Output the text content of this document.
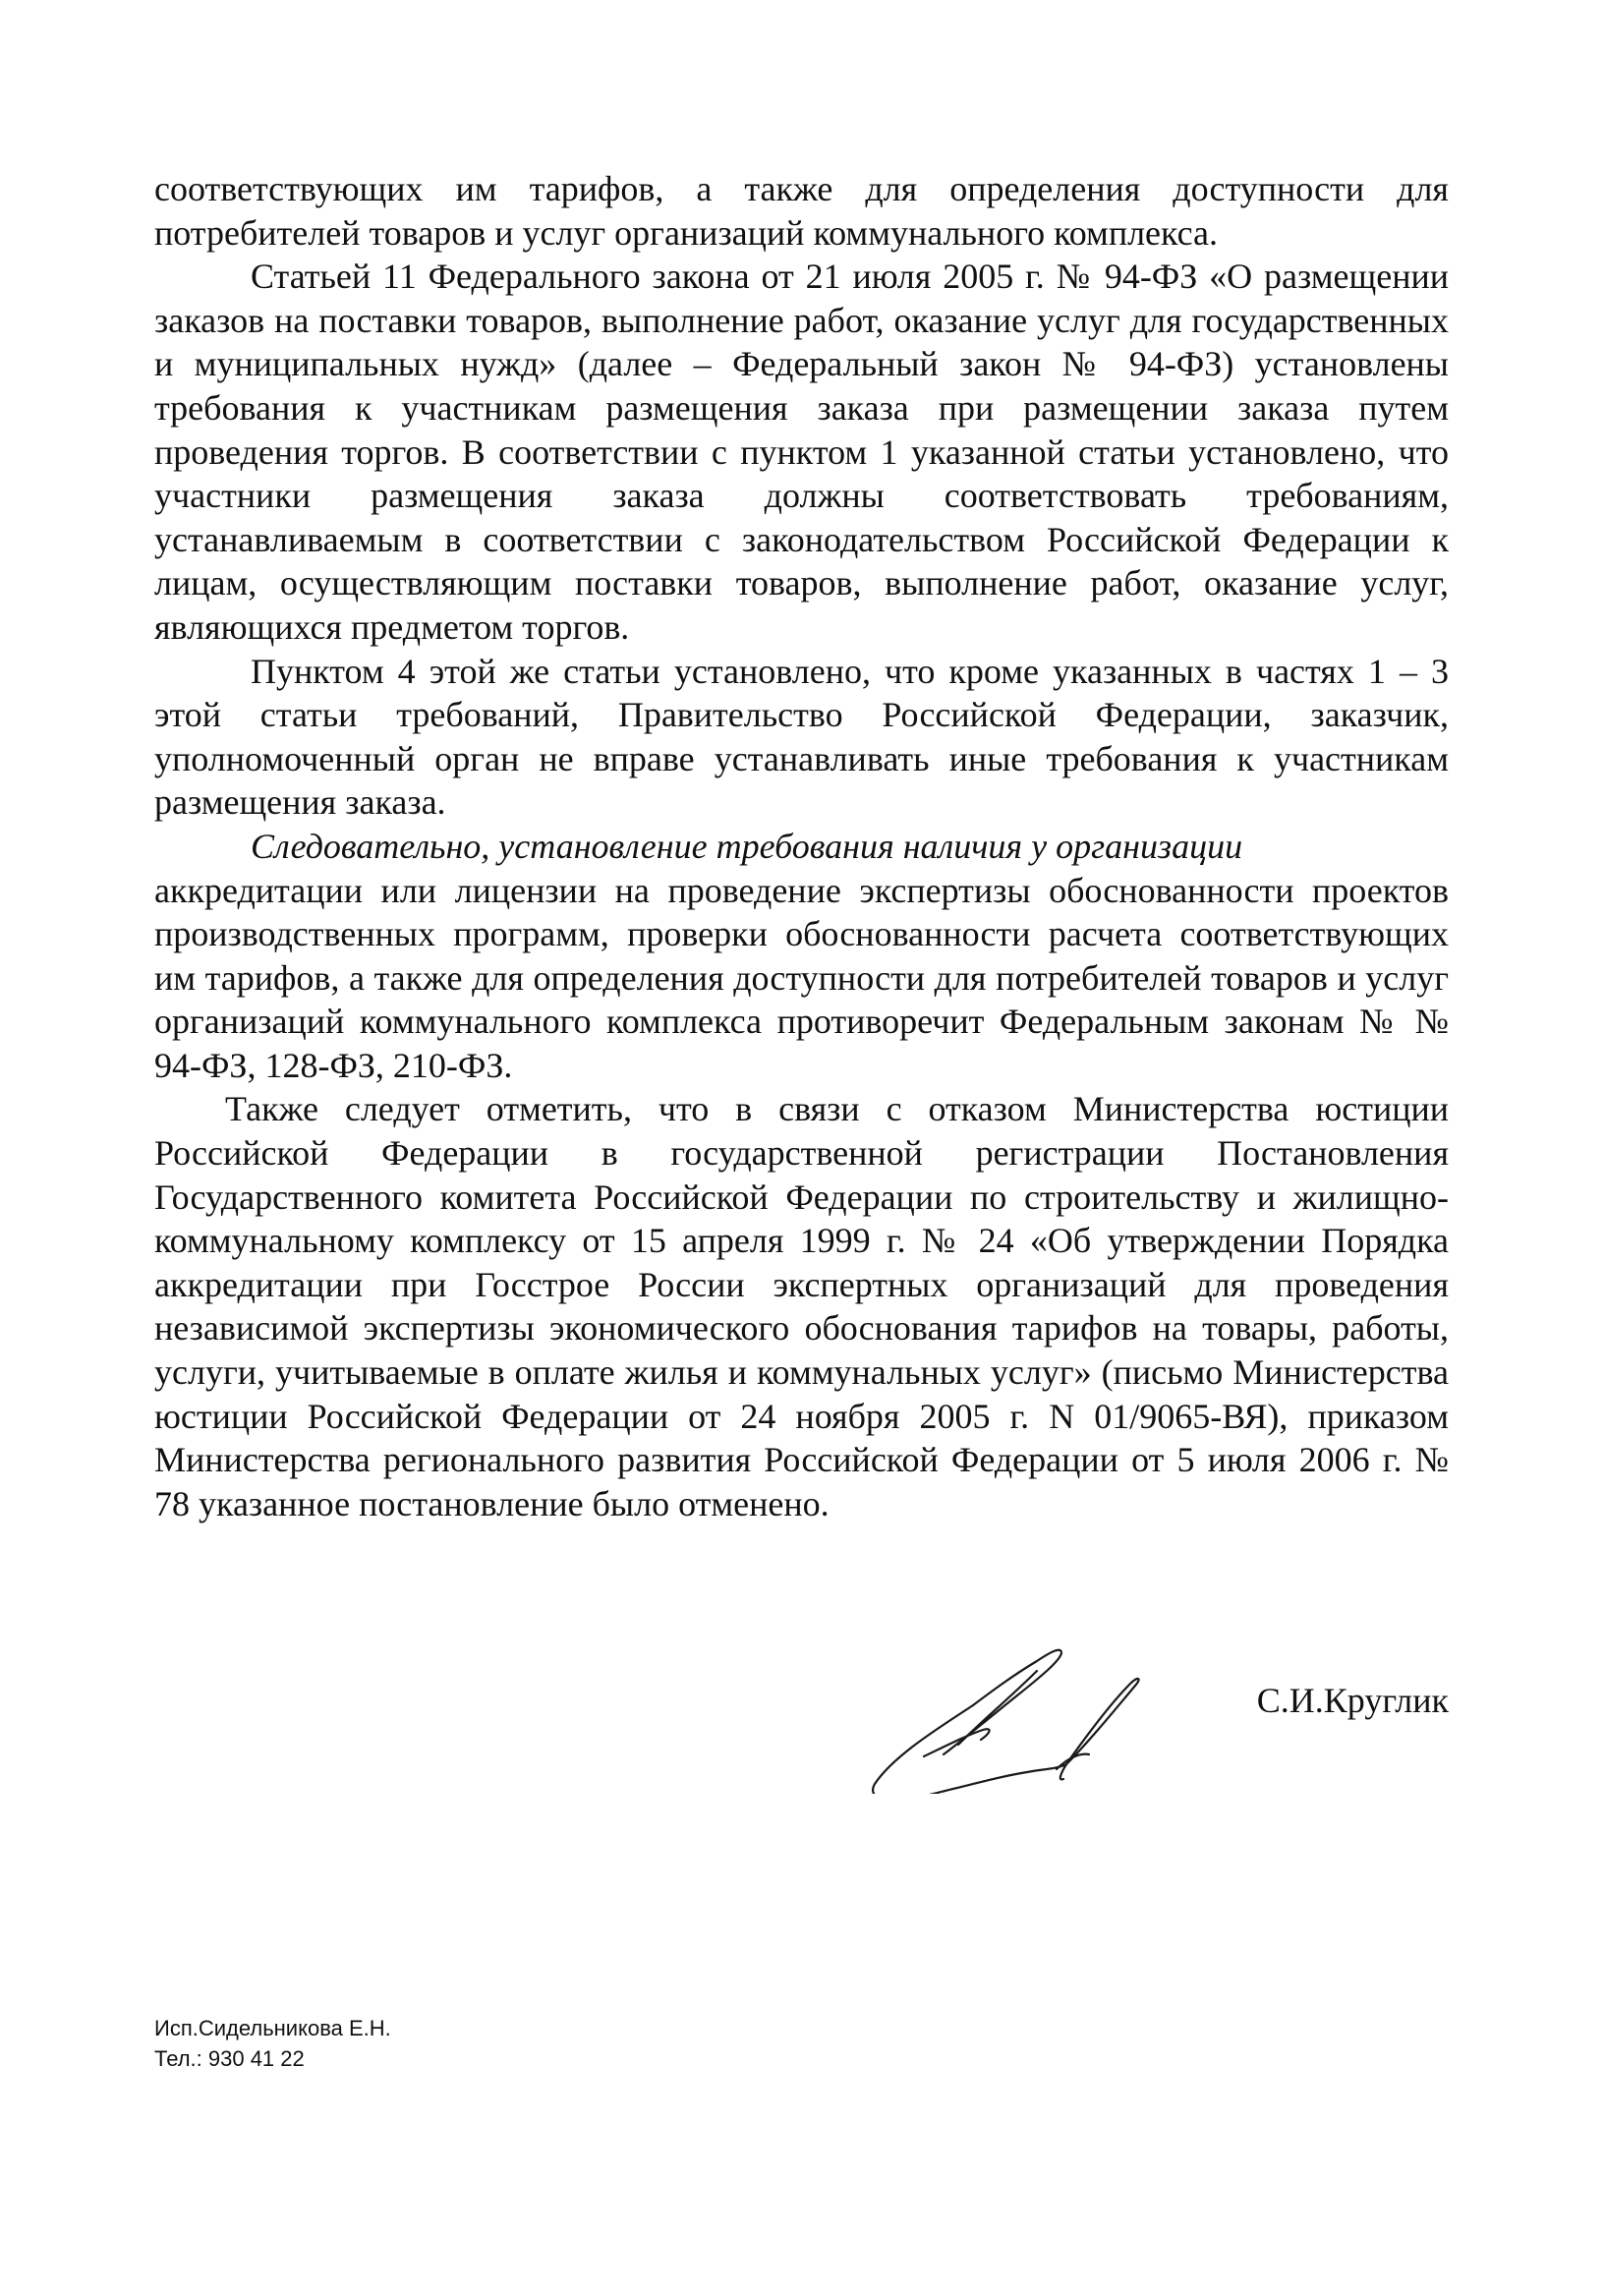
соответствующих им тарифов, а также для определения доступности для потребителей товаров и услуг организаций коммунального комплекса.

Статьей 11 Федерального закона от 21 июля 2005 г. № 94-ФЗ «О размещении заказов на поставки товаров, выполнение работ, оказание услуг для государственных и муниципальных нужд» (далее – Федеральный закон № 94-ФЗ) установлены требования к участникам размещения заказа при размещении заказа путем проведения торгов. В соответствии с пунктом 1 указанной статьи установлено, что участники размещения заказа должны соответствовать требованиям, устанавливаемым в соответствии с законодательством Российской Федерации к лицам, осуществляющим поставки товаров, выполнение работ, оказание услуг, являющихся предметом торгов.

Пунктом 4 этой же статьи установлено, что кроме указанных в частях 1 – 3 этой статьи требований, Правительство Российской Федерации, заказчик, уполномоченный орган не вправе устанавливать иные требования к участникам размещения заказа.

Следовательно, установление требования наличия у организации

аккредитации или лицензии на проведение экспертизы обоснованности проектов производственных программ, проверки обоснованности расчета соответствующих им тарифов, а также для определения доступности для потребителей товаров и услуг организаций коммунального комплекса противоречит Федеральным законам № № 94-ФЗ, 128-ФЗ, 210-ФЗ.

Также следует отметить, что в связи с отказом Министерства юстиции Российской Федерации в государственной регистрации Постановления Государственного комитета Российской Федерации по строительству и жилищно-коммунальному комплексу от 15 апреля 1999 г. № 24 «Об утверждении Порядка аккредитации при Госстрое России экспертных организаций для проведения независимой экспертизы экономического обоснования тарифов на товары, работы, услуги, учитываемые в оплате жилья и коммунальных услуг» (письмо Министерства юстиции Российской Федерации от 24 ноября 2005 г. N 01/9065-ВЯ), приказом Министерства регионального развития Российской Федерации от 5 июля 2006 г. № 78 указанное постановление было отменено.

С.И.Круглик
Исп.Сидельникова Е.Н.
Тел.: 930 41 22
